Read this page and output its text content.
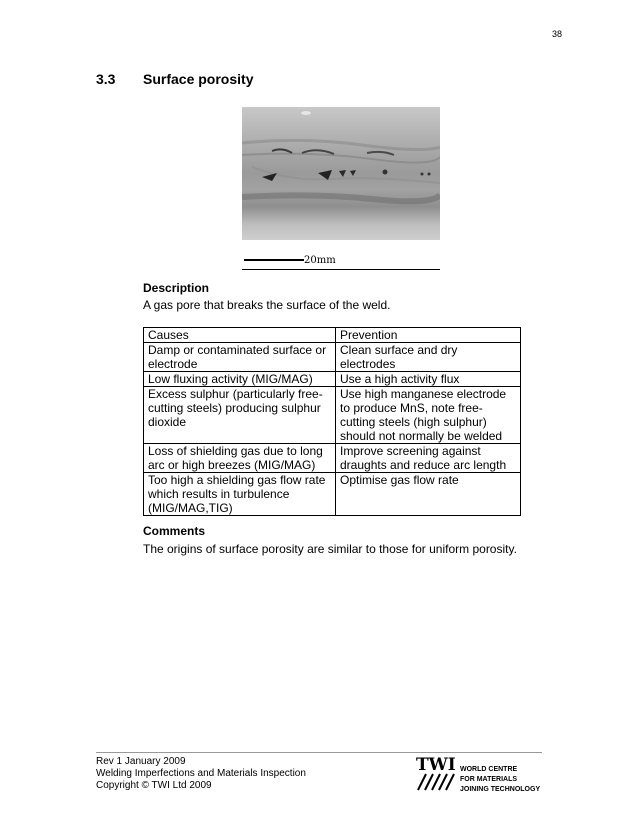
38
3.3 Surface porosity
20mm
Description
A gas pore that breaks the surface of the weld.
Causes	Prevention
Damp or contaminated surface or electrode	Clean surface and dry electrodes
Low fluxing activity (MIG/MAG)	Use a high activity flux
Excess sulphur (particularly free-cutting steels) producing sulphur dioxide	Use high manganese electrode to produce MnS, note free-cutting steels (high sulphur) should not normally be welded
Loss of shielding gas due to long arc or high breezes (MIG/MAG)	Improve screening against draughts and reduce arc length
Too high a shielding gas flow rate which results in turbulence (MIG/MAG,TIG)	Optimise gas flow rate
Comments
The origins of surface porosity are similar to those for uniform porosity.
Rev 1 January 2009
Welding Imperfections and Materials Inspection
Copyright © TWI Ltd 2009
TWI WORLD CENTRE
FOR MATERIALS
JOINING TECHNOLOGY
